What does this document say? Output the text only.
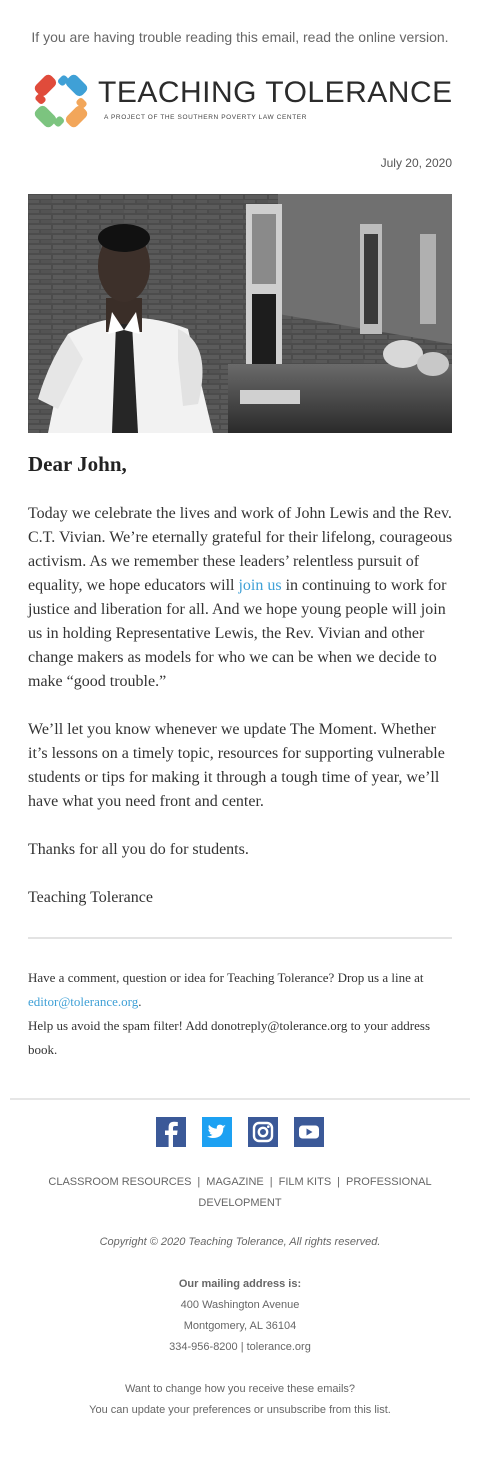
If you are having trouble reading this email, read the online version.
TEACHING TOLERANCE
A PROJECT OF THE SOUTHERN POVERTY LAW CENTER
July 20, 2020
Dear John,

Today we celebrate the lives and work of John Lewis and the Rev. C.T. Vivian. We’re eternally grateful for their lifelong, courageous activism. As we remember these leaders’ relentless pursuit of equality, we hope educators will join us in continuing to work for justice and liberation for all. And we hope young people will join us in holding Representative Lewis, the Rev. Vivian and other change makers as models for who we can be when we decide to make “good trouble.”

We’ll let you know whenever we update The Moment. Whether it’s lessons on a timely topic, resources for supporting vulnerable students or tips for making it through a tough time of year, we’ll have what you need front and center.

Thanks for all you do for students.

Teaching Tolerance

Have a comment, question or idea for Teaching Tolerance? Drop us a line at editor@tolerance.org.

Help us avoid the spam filter! Add donotreply@tolerance.org to your address book.

CLASSROOM RESOURCES | MAGAZINE | FILM KITS | PROFESSIONAL DEVELOPMENT
Copyright © 2020 Teaching Tolerance, All rights reserved.
Our mailing address is:
400 Washington Avenue
Montgomery, AL 36104
334-956-8200 | tolerance.org
Want to change how you receive these emails?
You can update your preferences or unsubscribe from this list.
